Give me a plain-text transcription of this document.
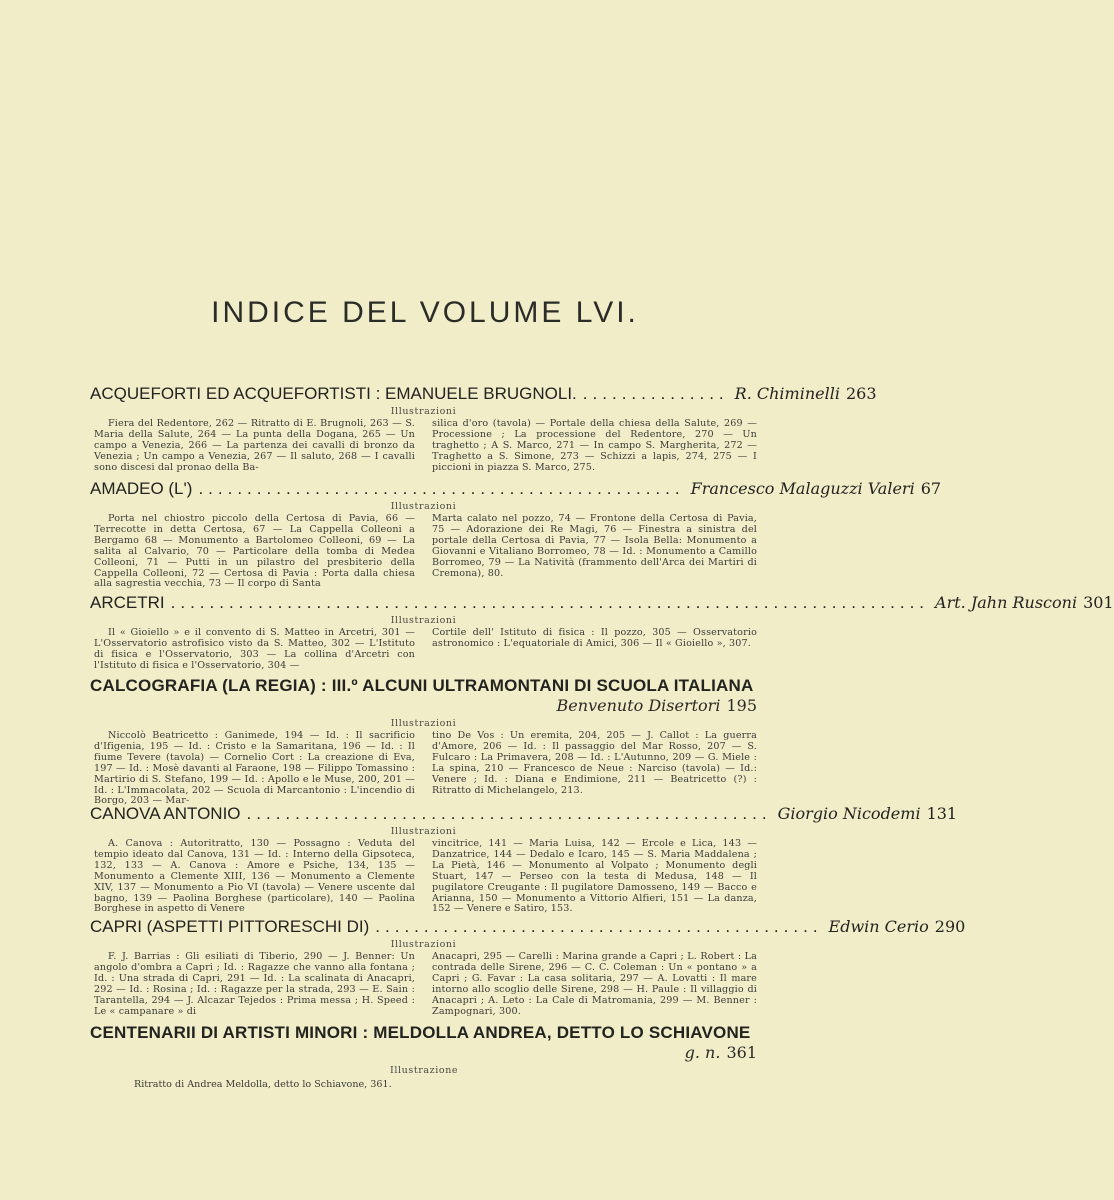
INDICE DEL VOLUME LVI.
ACQUEFORTI ED ACQUEFORTISTI : EMANUELE BRUGNOLI. ............... R. Chiminelli 263
Illustrazioni
Fiera del Redentore, 262 — Ritratto di E. Brugnoli, 263 — S. Maria della Salute, 264 — La punta della Dogana, 265 — Un campo a Venezia, 266 — La partenza dei cavalli di bronzo da Venezia ; Un campo a Venezia, 267 — Il saluto, 268 — I cavalli sono discesi dal pronao della Ba-
silica d'oro (tavola) — Portale della chiesa della Salute, 269 — Processione ; La processione del Redentore, 270 — Un traghetto ; A S. Marco, 271 — In campo S. Margherita, 272 — Traghetto a S. Simone, 273 — Schizzi a lapis, 274, 275 — I piccioni in piazza S. Marco, 275.
AMADEO (L') .................................................. Francesco Malaguzzi Valeri 67
Illustrazioni
Porta nel chiostro piccolo della Certosa di Pavia, 66 — Terrecotte in detta Certosa, 67 — La Cappella Colleoni a Bergamo 68 — Monumento a Bartolomeo Colleoni, 69 — La salita al Calvario, 70 — Particolare della tomba di Medea Colleoni, 71 — Putti in un pilastro del presbiterio della Cappella Colleoni, 72 — Certosa di Pavia : Porta dalla chiesa alla sagrestia vecchia, 73 — Il corpo di Santa
Marta calato nel pozzo, 74 — Frontone della Certosa di Pavia, 75 — Adorazione dei Re Magi, 76 — Finestra a sinistra del portale della Certosa di Pavia, 77 — Isola Bella: Monumento a Giovanni e Vitaliano Borromeo, 78 — Id. : Monumento a Camillo Borromeo, 79 — La Natività (frammento dell'Arca dei Martiri di Cremona), 80.
ARCETRI .............................................................................. Art. Jahn Rusconi 301
Illustrazioni
Il « Gioiello » e il convento di S. Matteo in Arcetri, 301 — L'Osservatorio astrofisico visto da S. Matteo, 302 — L'Istituto di fisica e l'Osservatorio, 303 — La collina d'Arcetri con l'Istituto di fisica e l'Osservatorio, 304 —
Cortile dell' Istituto di fisica : Il pozzo, 305 — Osservatorio astronomico : L'equatoriale di Amici, 306 — Il « Gioiello », 307.
CALCOGRAFIA (LA REGIA) : III.º ALCUNI ULTRAMONTANI DI SCUOLA ITALIANA
Benvenuto Disertori 195
Illustrazioni
Niccolò Beatricetto : Ganimede, 194 — Id. : Il sacrificio d'Ifigenia, 195 — Id. : Cristo e la Samaritana, 196 — Id. : Il fiume Tevere (tavola) — Cornelio Cort : La creazione di Eva, 197 — Id. : Mosè davanti al Faraone, 198 — Filippo Tomassino : Martirio di S. Stefano, 199 — Id. : Apollo e le Muse, 200, 201 — Id. : L'Immacolata, 202 — Scuola di Marcantonio : L'incendio di Borgo, 203 — Mar-
tino De Vos : Un eremita, 204, 205 — J. Callot : La guerra d'Amore, 206 — Id. : Il passaggio del Mar Rosso, 207 — S. Fulcaro : La Primavera, 208 — Id. : L'Autunno, 209 — G. Miele : La spina, 210 — Francesco de Neue : Narciso (tavola) — Id.: Venere ; Id. : Diana e Endimione, 211 — Beatricetto (?) : Ritratto di Michelangelo, 213.
CANOVA ANTONIO ...................................................... Giorgio Nicodemi 131
Illustrazioni
A. Canova : Autoritratto, 130 — Possagno : Veduta del tempio ideato dal Canova, 131 — Id. : Interno della Gipsoteca, 132, 133 — A. Canova : Amore e Psiche, 134, 135 — Monumento a Clemente XIII, 136 — Monumento a Clemente XIV, 137 — Monumento a Pio VI (tavola) — Venere uscente dal bagno, 139 — Paolina Borghese (particolare), 140 — Paolina Borghese in aspetto di Venere
vincitrice, 141 — Maria Luisa, 142 — Ercole e Lica, 143 — Danzatrice, 144 — Dedalo e Icaro, 145 — S. Maria Maddalena ; La Pietà, 146 — Monumento al Volpato ; Monumento degli Stuart, 147 — Perseo con la testa di Medusa, 148 — Il pugilatore Creugante : Il pugilatore Damosseno, 149 — Bacco e Arianna, 150 — Monumento a Vittorio Alfieri, 151 — La danza, 152 — Venere e Satiro, 153.
CAPRI (ASPETTI PITTORESCHI DI) .............................................. Edwin Cerio 290
Illustrazioni
F. J. Barrias : Gli esiliati di Tiberio, 290 — J. Benner: Un angolo d'ombra a Capri ; Id. : Ragazze che vanno alla fontana ; Id. : Una strada di Capri, 291 — Id. : La scalinata di Anacapri, 292 — Id. : Rosina ; Id. : Ragazze per la strada, 293 — E. Sain : Tarantella, 294 — J. Alcazar Tejedos : Prima messa ; H. Speed : Le « campanare » di
Anacapri, 295 — Carelli : Marina grande a Capri ; L. Robert : La contrada delle Sirene, 296 — C. C. Coleman : Un « pontano » a Capri ; G. Favar : La casa solitaria, 297 — A. Lovatti : Il mare intorno allo scoglio delle Sirene, 298 — H. Paule : Il villaggio di Anacapri ; A. Leto : La Cale di Matromania, 299 — M. Benner : Zampognari, 300.
CENTENARII DI ARTISTI MINORI : MELDOLLA ANDREA, DETTO LO SCHIAVONE
g. n. 361
Illustrazione
Ritratto di Andrea Meldolla, detto lo Schiavone, 361.
